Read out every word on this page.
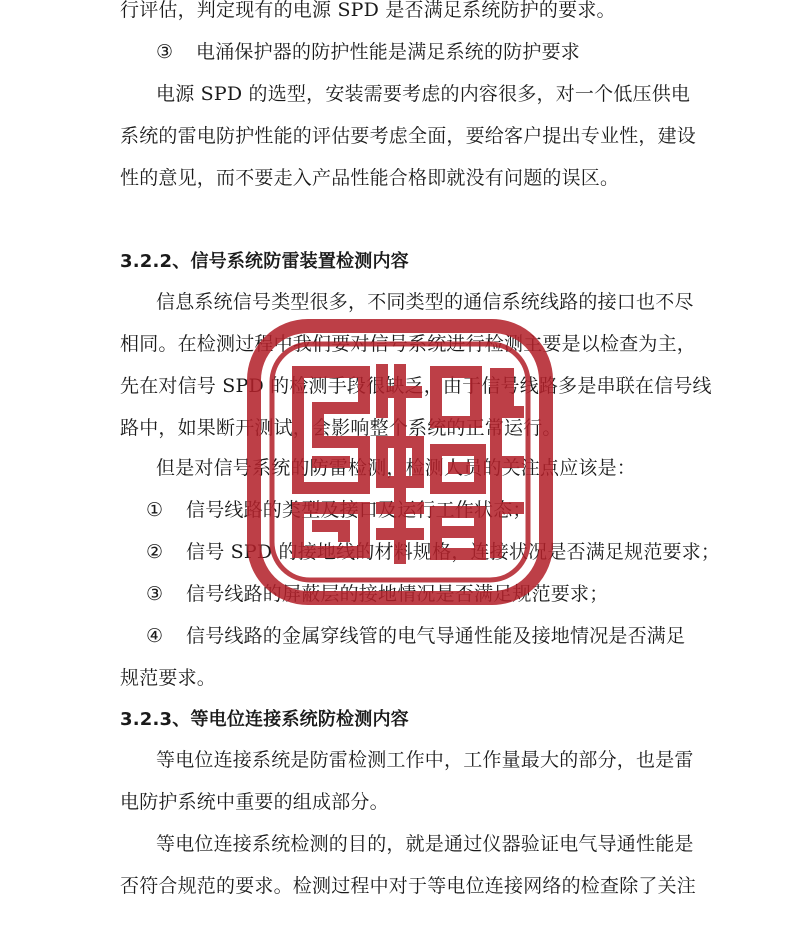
行评估，判定现有的电源 SPD 是否满足系统防护的要求。
③ 电涌保护器的防护性能是满足系统的防护要求
电源 SPD 的选型，安装需要考虑的内容很多，对一个低压供电
系统的雷电防护性能的评估要考虑全面，要给客户提出专业性，建设
性的意见，而不要走入产品性能合格即就没有问题的误区。
3.2.2、信号系统防雷装置检测内容
信息系统信号类型很多，不同类型的通信系统线路的接口也不尽
相同。在检测过程中我们要对信号系统进行检测主要是以检查为主，
先在对信号 SPD 的检测手段很缺乏，由于信号线路多是串联在信号线
路中，如果断开测试，会影响整个系统的正常运行。
但是对信号系统的防雷检测，检测人员的关注点应该是：
① 信号线路的类型及接口及运行工作状态；
② 信号 SPD 的接地线的材料规格，连接状况是否满足规范要求；
③ 信号线路的屏蔽层的接地情况是否满足规范要求；
④ 信号线路的金属穿线管的电气导通性能及接地情况是否满足
规范要求。
3.2.3、等电位连接系统防检测内容
等电位连接系统是防雷检测工作中，工作量最大的部分，也是雷
电防护系统中重要的组成部分。
等电位连接系统检测的目的，就是通过仪器验证电气导通性能是
否符合规范的要求。检测过程中对于等电位连接网络的检查除了关注
